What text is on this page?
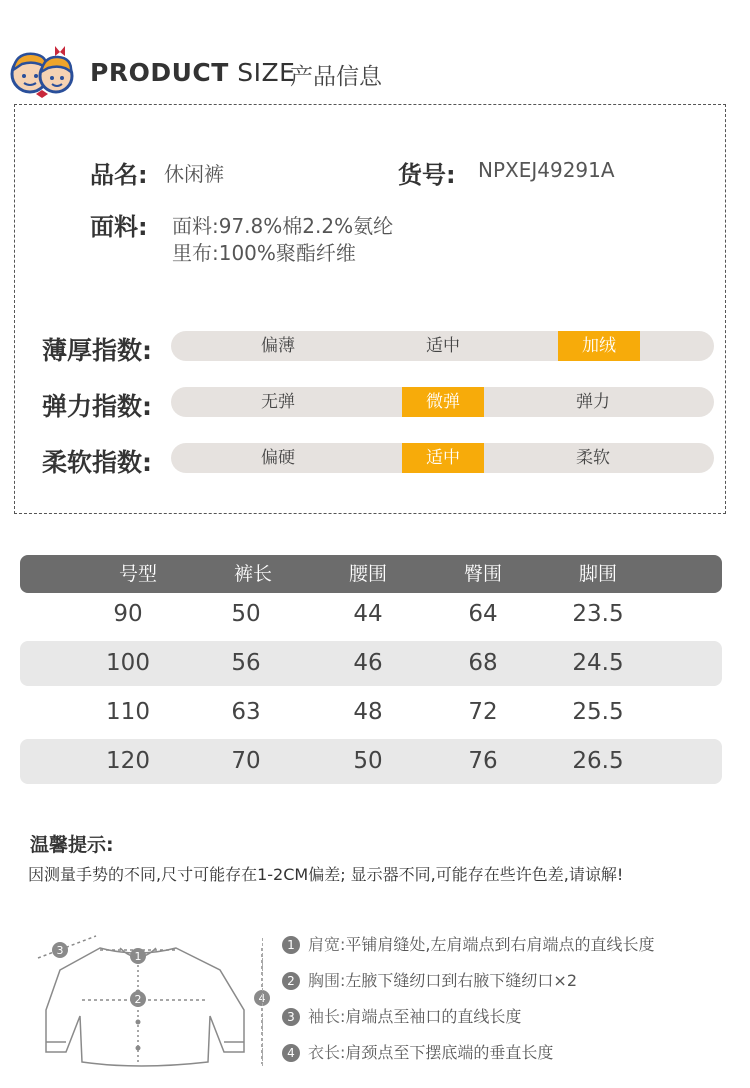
PRODUCT SIZE
产品信息
品名: 休闲裤	货号: NPXEJ49291A
面料: 面料:97.8%棉2.2%氨纶
里布:100%聚酯纤维
薄厚指数:	偏薄	适中	加绒
弹力指数:	无弹	微弹	弹力
柔软指数:	偏硬	适中	柔软
号型	裤长	腰围	臀围	脚围
90	50	44	64	23.5
100	56	46	68	24.5
110	63	48	72	25.5
120	70	50	76	26.5
温馨提示:
因测量手势的不同,尺寸可能存在1-2CM偏差; 显示器不同,可能存在些许色差,请谅解!
3	1
2	4
1 肩宽:平铺肩缝处,左肩端点到右肩端点的直线长度
2 胸围:左腋下缝纫口到右腋下缝纫口×2
3 袖长:肩端点至袖口的直线长度
4 衣长:肩颈点至下摆底端的垂直长度
